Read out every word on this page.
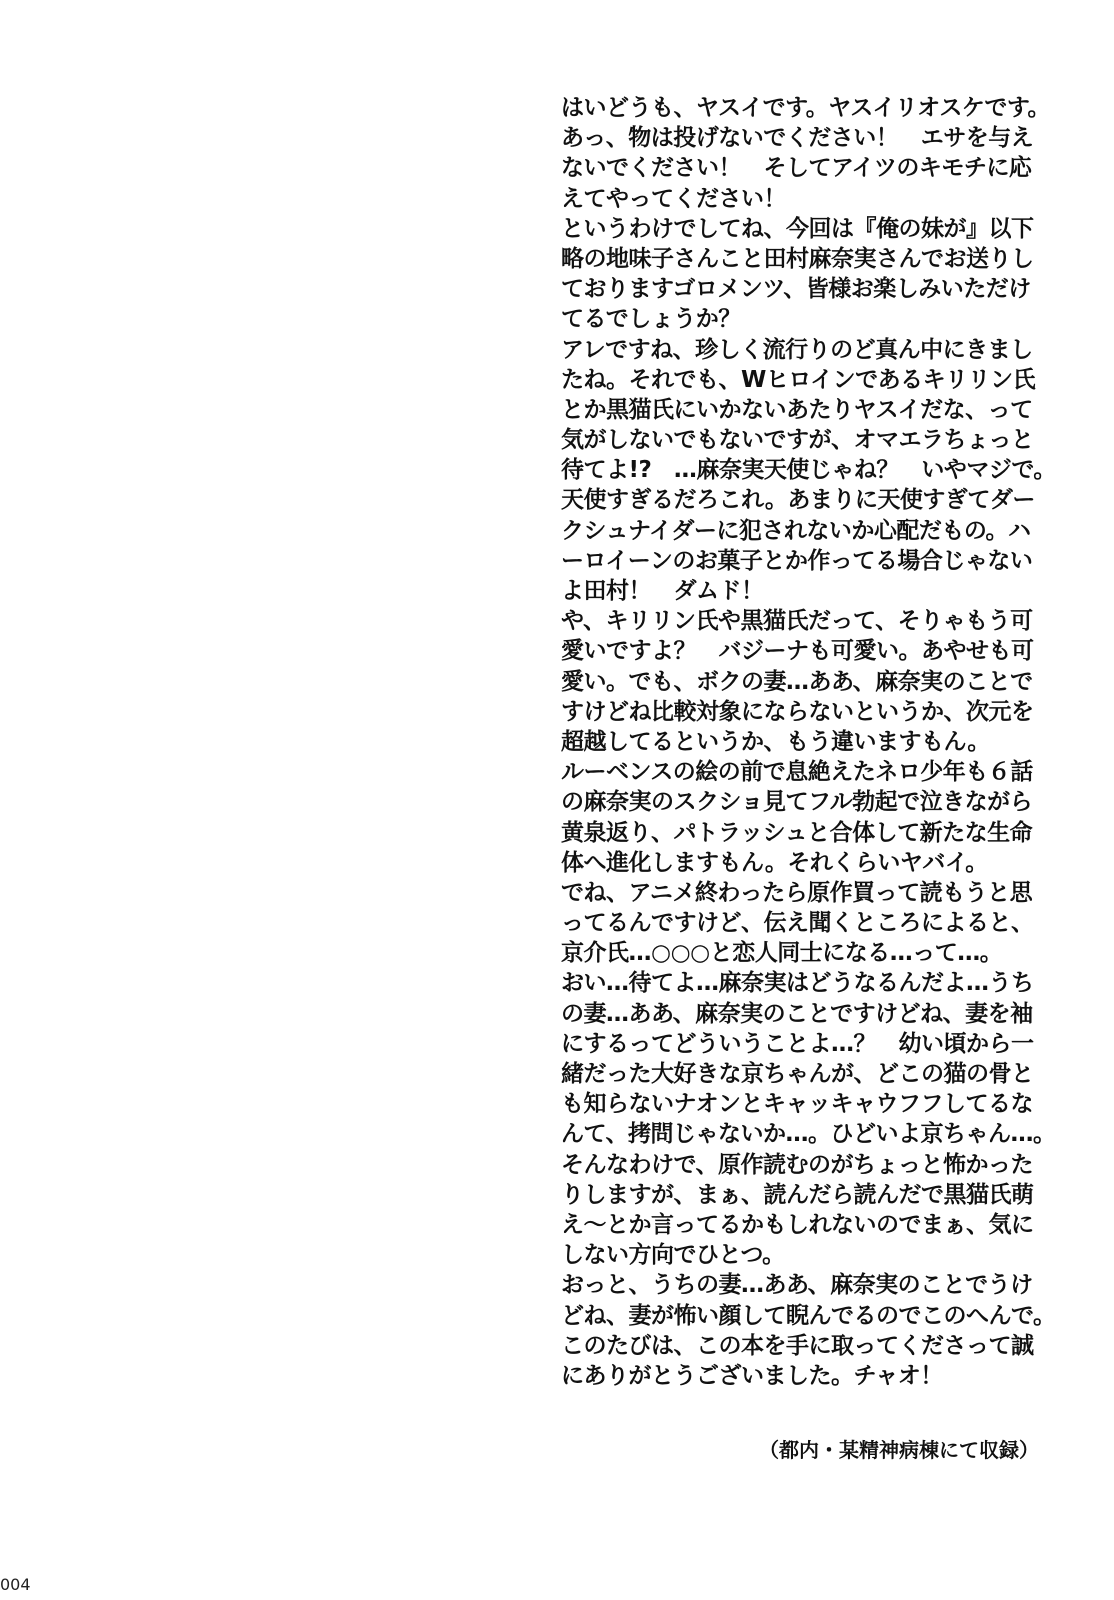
はいどうも、ヤスイです。ヤスイリオスケです。
あっ、物は投げないでください！　エサを与え
ないでください！　そしてアイツのキモチに応
えてやってください！
というわけでしてね、今回は『俺の妹が』以下
略の地味子さんこと田村麻奈実さんでお送りし
ておりますゴロメンツ、皆様お楽しみいただけ
てるでしょうか？
アレですね、珍しく流行りのど真ん中にきまし
たね。それでも、Wヒロインであるキリリン氏
とか黒猫氏にいかないあたりヤスイだな、って
気がしないでもないですが、オマエラちょっと
待てよ!?　…麻奈実天使じゃね？　いやマジで。
天使すぎるだろこれ。あまりに天使すぎてダー
クシュナイダーに犯されないか心配だもの。ハ
ーロイーンのお菓子とか作ってる場合じゃない
よ田村！　ダムド！
や、キリリン氏や黒猫氏だって、そりゃもう可
愛いですよ？　バジーナも可愛い。あやせも可
愛い。でも、ボクの妻…ああ、麻奈実のことで
すけどね比較対象にならないというか、次元を
超越してるというか、もう違いますもん。
ルーベンスの絵の前で息絶えたネロ少年も６話
の麻奈実のスクショ見てフル勃起で泣きながら
黄泉返り、パトラッシュと合体して新たな生命
体へ進化しますもん。それくらいヤバイ。
でね、アニメ終わったら原作買って読もうと思
ってるんですけど、伝え聞くところによると、
京介氏…○○○と恋人同士になる…って…。
おい…待てよ…麻奈実はどうなるんだよ…うち
の妻…ああ、麻奈実のことですけどね、妻を袖
にするってどういうことよ…？　幼い頃から一
緒だった大好きな京ちゃんが、どこの猫の骨と
も知らないナオンとキャッキャウフフしてるな
んて、拷問じゃないか…。ひどいよ京ちゃん…。
そんなわけで、原作読むのがちょっと怖かった
りしますが、まぁ、読んだら読んだで黒猫氏萌
え〜とか言ってるかもしれないのでまぁ、気に
しない方向でひとつ。
おっと、うちの妻…ああ、麻奈実のことでうけ
どね、妻が怖い顔して睨んでるのでこのへんで。
このたびは、この本を手に取ってくださって誠
にありがとうございました。チャオ！
（都内・某精神病棟にて収録）
004
